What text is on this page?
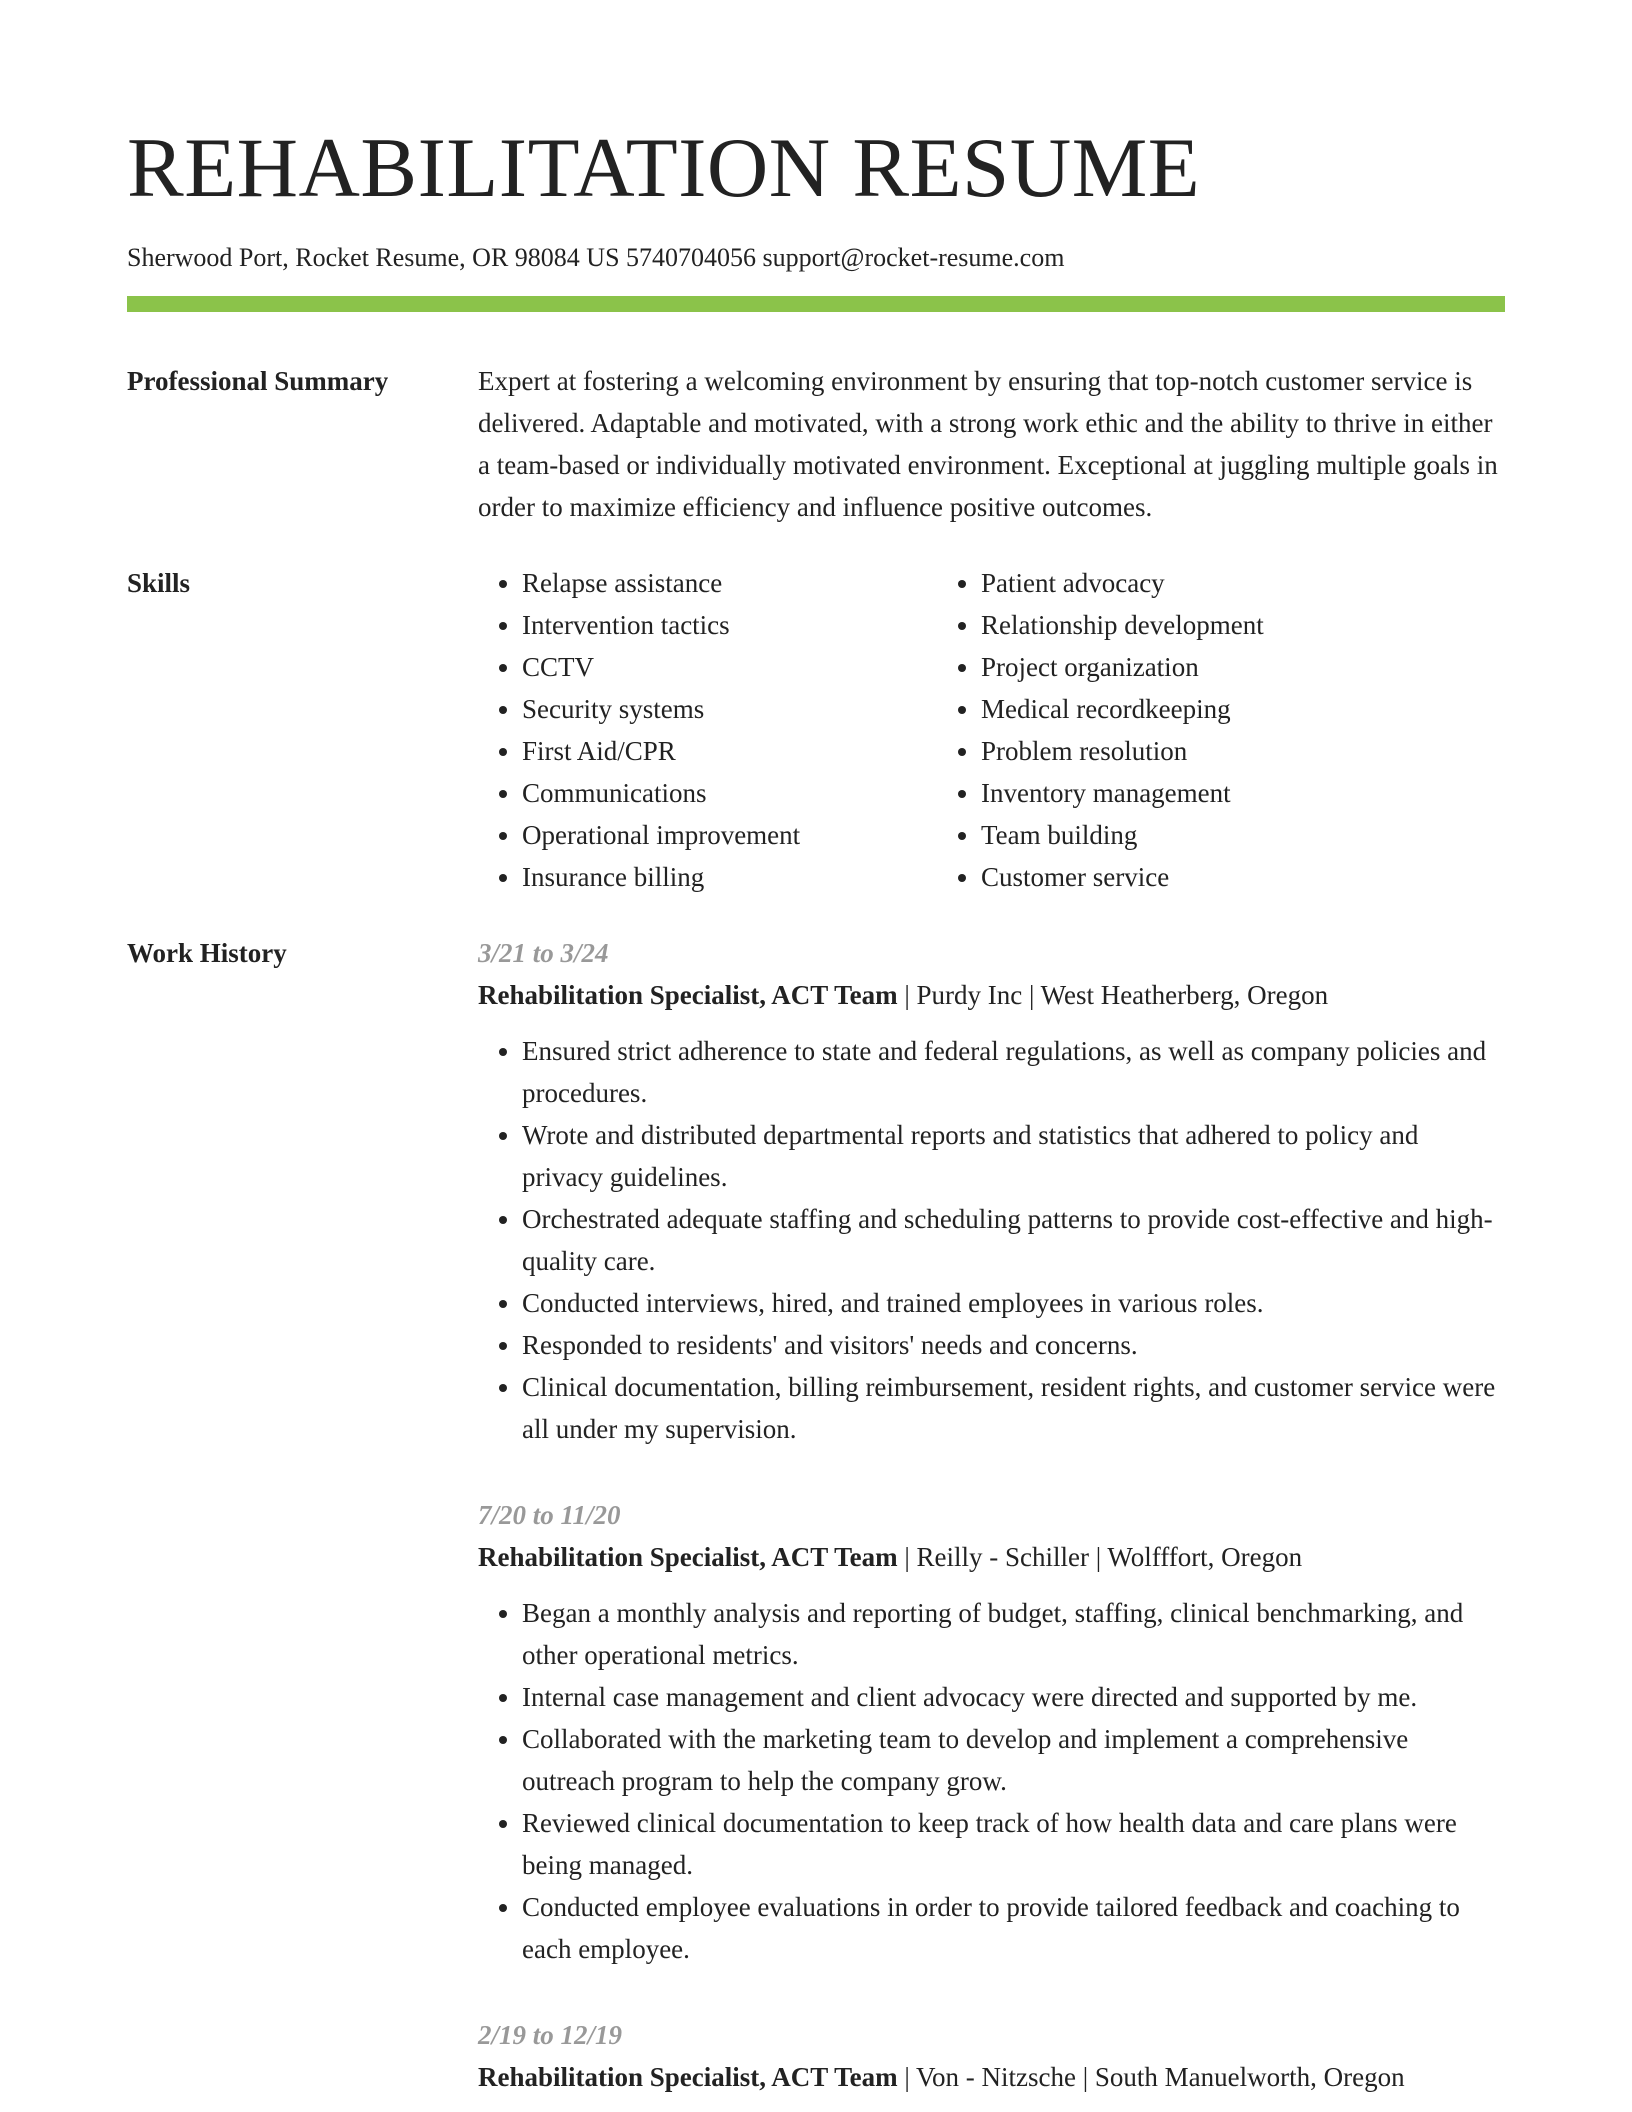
REHABILITATION RESUME
Sherwood Port, Rocket Resume, OR 98084 US 5740704056 support@rocket-resume.com
Professional Summary	Expert at fostering a welcoming environment by ensuring that top-notch customer service is delivered. Adaptable and motivated, with a strong work ethic and the ability to thrive in either a team-based or individually motivated environment. Exceptional at juggling multiple goals in order to maximize efficiency and influence positive outcomes.

Skills
•	Relapse assistance
• Intervention tactics
• CCTV
• Security systems
• First Aid/CPR
• Communications
• Operational improvement
• Insurance billing
• Patient advocacy
• Relationship development
• Project organization
• Medical recordkeeping
• Problem resolution
• Inventory management
• Team building
• Customer service
Work History	3/21 to 3/24
Rehabilitation Specialist, ACT Team | Purdy Inc | West Heatherberg, Oregon
• Ensured strict adherence to state and federal regulations, as well as company policies and procedures.
• Wrote and distributed departmental reports and statistics that adhered to policy and privacy guidelines.
• Orchestrated adequate staffing and scheduling patterns to provide cost-effective and high-quality care.
• Conducted interviews, hired, and trained employees in various roles.
• Responded to residents' and visitors' needs and concerns.
• Clinical documentation, billing reimbursement, resident rights, and customer service were all under my supervision.
7/20 to 11/20
Rehabilitation Specialist, ACT Team | Reilly - Schiller | Wolfffort, Oregon
• Began a monthly analysis and reporting of budget, staffing, clinical benchmarking, and other operational metrics.
• Internal case management and client advocacy were directed and supported by me.
• Collaborated with the marketing team to develop and implement a comprehensive outreach program to help the company grow.
• Reviewed clinical documentation to keep track of how health data and care plans were being managed.
• Conducted employee evaluations in order to provide tailored feedback and coaching to each employee.
2/19 to 12/19
Rehabilitation Specialist, ACT Team | Von - Nitzsche | South Manuelworth, Oregon
